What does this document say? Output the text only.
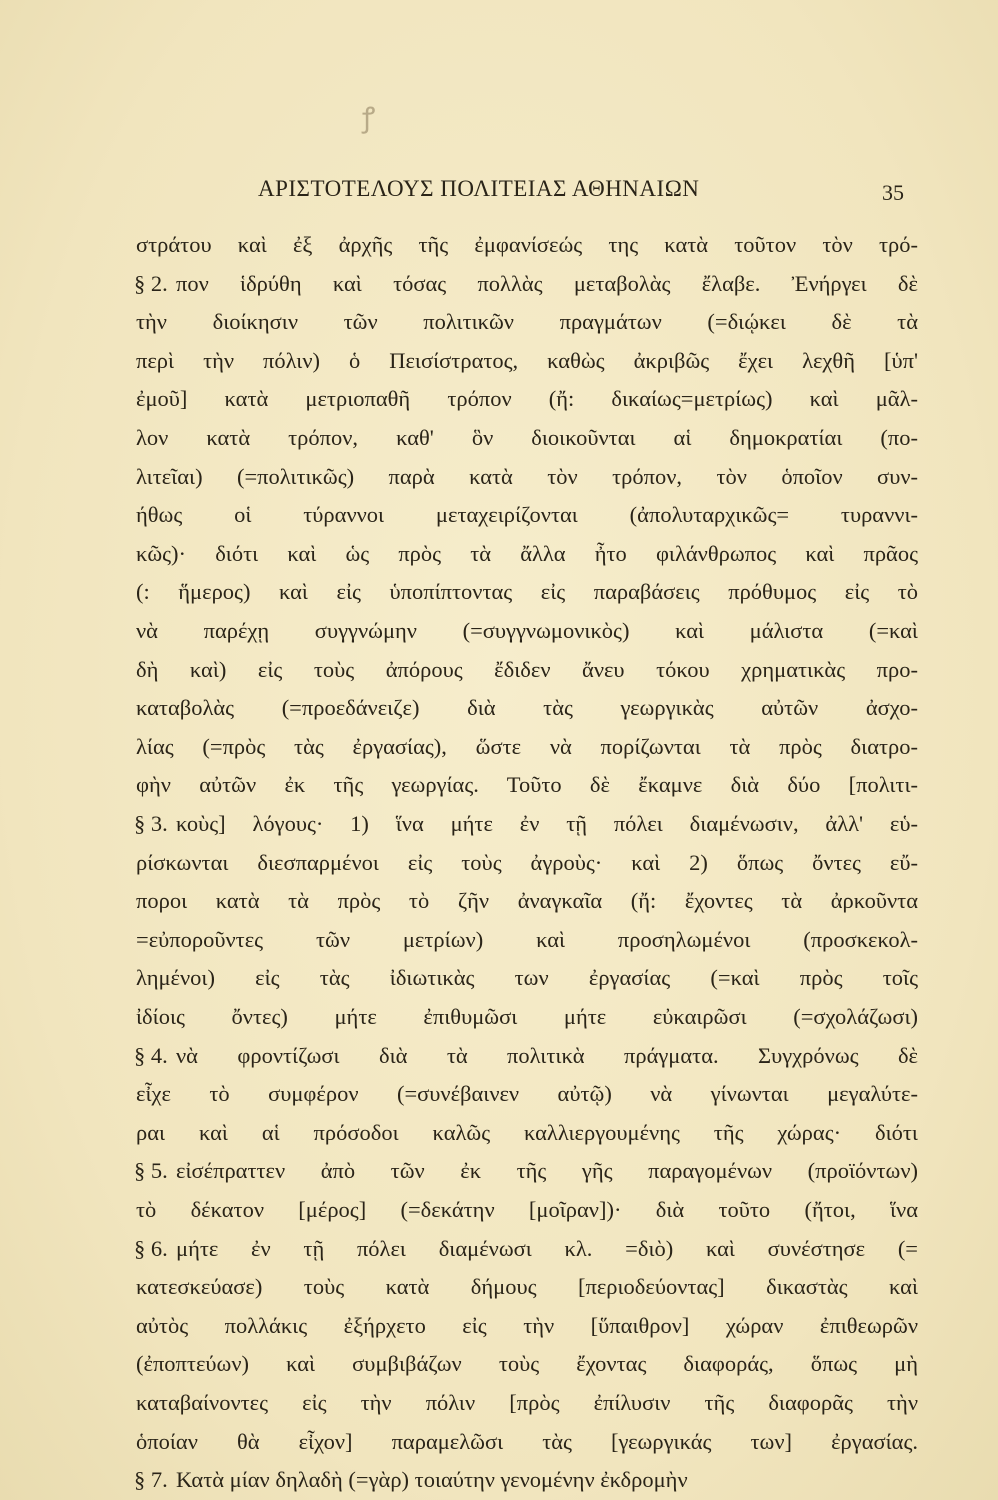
ꝭ
ΑΡΙΣΤΟΤΕΛΟΥΣ ΠΟΛΙΤΕΙΑΣ ΑΘΗΝΑΙΩΝ	35
στράτου καὶ ἐξ ἀρχῆς τῆς ἐμφανίσεώς της κατὰ τοῦτον τὸν τρό-
§ 2. πον ἱδρύθη καὶ τόσας πολλὰς μεταβολὰς ἔλαβε. Ἐνήργει δὲ
τὴν διοίκησιν τῶν πολιτικῶν πραγμάτων (=διῴκει δὲ τὰ
περὶ τὴν πόλιν) ὁ Πεισίστρατος, καθὼς ἀκριβῶς ἔχει λεχθῆ [ὑπ'
ἐμοῦ] κατὰ μετριοπαθῆ τρόπον (ἤ: δικαίως=μετρίως) καὶ μᾶλ-
λον κατὰ τρόπον, καθ' ὃν διοικοῦνται αἱ δημοκρατίαι (πο-
λιτεῖαι) (=πολιτικῶς) παρὰ κατὰ τὸν τρόπον, τὸν ὁποῖον συν-
ήθως οἱ τύραννοι μεταχειρίζονται (ἀπολυταρχικῶς= τυραννι-
κῶς)· διότι καὶ ὡς πρὸς τὰ ἄλλα ἦτο φιλάνθρωπος καὶ πρᾶος
(: ἥμερος) καὶ εἰς ὑποπίπτοντας εἰς παραβάσεις πρόθυμος εἰς τὸ
νὰ παρέχῃ συγγνώμην (=συγγνωμονικὸς) καὶ μάλιστα (=καὶ
δὴ καὶ) εἰς τοὺς ἀπόρους ἔδιδεν ἄνευ τόκου χρηματικὰς προ-
καταβολὰς (=προεδάνειζε) διὰ τὰς γεωργικὰς αὐτῶν ἀσχο-
λίας (=πρὸς τὰς ἐργασίας), ὥστε νὰ πορίζωνται τὰ πρὸς διατρο-
φὴν αὐτῶν ἐκ τῆς γεωργίας. Τοῦτο δὲ ἔκαμνε διὰ δύο [πολιτι-
§ 3. κοὺς] λόγους· 1) ἵνα μήτε ἐν τῇ πόλει διαμένωσιν, ἀλλ' εὑ-
ρίσκωνται διεσπαρμένοι εἰς τοὺς ἀγροὺς· καὶ 2) ὅπως ὄντες εὔ-
ποροι κατὰ τὰ πρὸς τὸ ζῆν ἀναγκαῖα (ἤ: ἔχοντες τὰ ἀρκοῦντα
=εὐποροῦντες τῶν μετρίων) καὶ προσηλωμένοι (προσκεκολ-
λημένοι) εἰς τὰς ἰδιωτικὰς των ἐργασίας (=καὶ πρὸς τοῖς
ἰδίοις ὄντες) μήτε ἐπιθυμῶσι μήτε εὐκαιρῶσι (=σχολάζωσι)
§ 4. νὰ φροντίζωσι διὰ τὰ πολιτικὰ πράγματα. Συγχρόνως δὲ
εἶχε τὸ συμφέρον (=συνέβαινεν αὐτῷ) νὰ γίνωνται μεγαλύτε-
ραι καὶ αἱ πρόσοδοι καλῶς καλλιεργουμένης τῆς χώρας· διότι
§ 5. εἰσέπραττεν ἀπὸ τῶν ἐκ τῆς γῆς παραγομένων (προϊόντων)
τὸ δέκατον [μέρος] (=δεκάτην [μοῖραν])· διὰ τοῦτο (ἤτοι, ἵνα
§ 6. μήτε ἐν τῇ πόλει διαμένωσι κλ. =διὸ) καὶ συνέστησε (=
κατεσκεύασε) τοὺς κατὰ δήμους [περιοδεύοντας] δικαστὰς καὶ
αὐτὸς πολλάκις ἐξήρχετο εἰς τὴν [ὕπαιθρον] χώραν ἐπιθεωρῶν
(ἐποπτεύων) καὶ συμβιβάζων τοὺς ἔχοντας διαφοράς, ὅπως μὴ
καταβαίνοντες εἰς τὴν πόλιν [πρὸς ἐπίλυσιν τῆς διαφορᾶς τὴν
ὁποίαν θὰ εἶχον] παραμελῶσι τὰς [γεωργικάς των] ἐργασίας.
§ 7. Κατὰ μίαν δηλαδὴ (=γὰρ) τοιαύτην γενομένην ἐκδρομὴν
